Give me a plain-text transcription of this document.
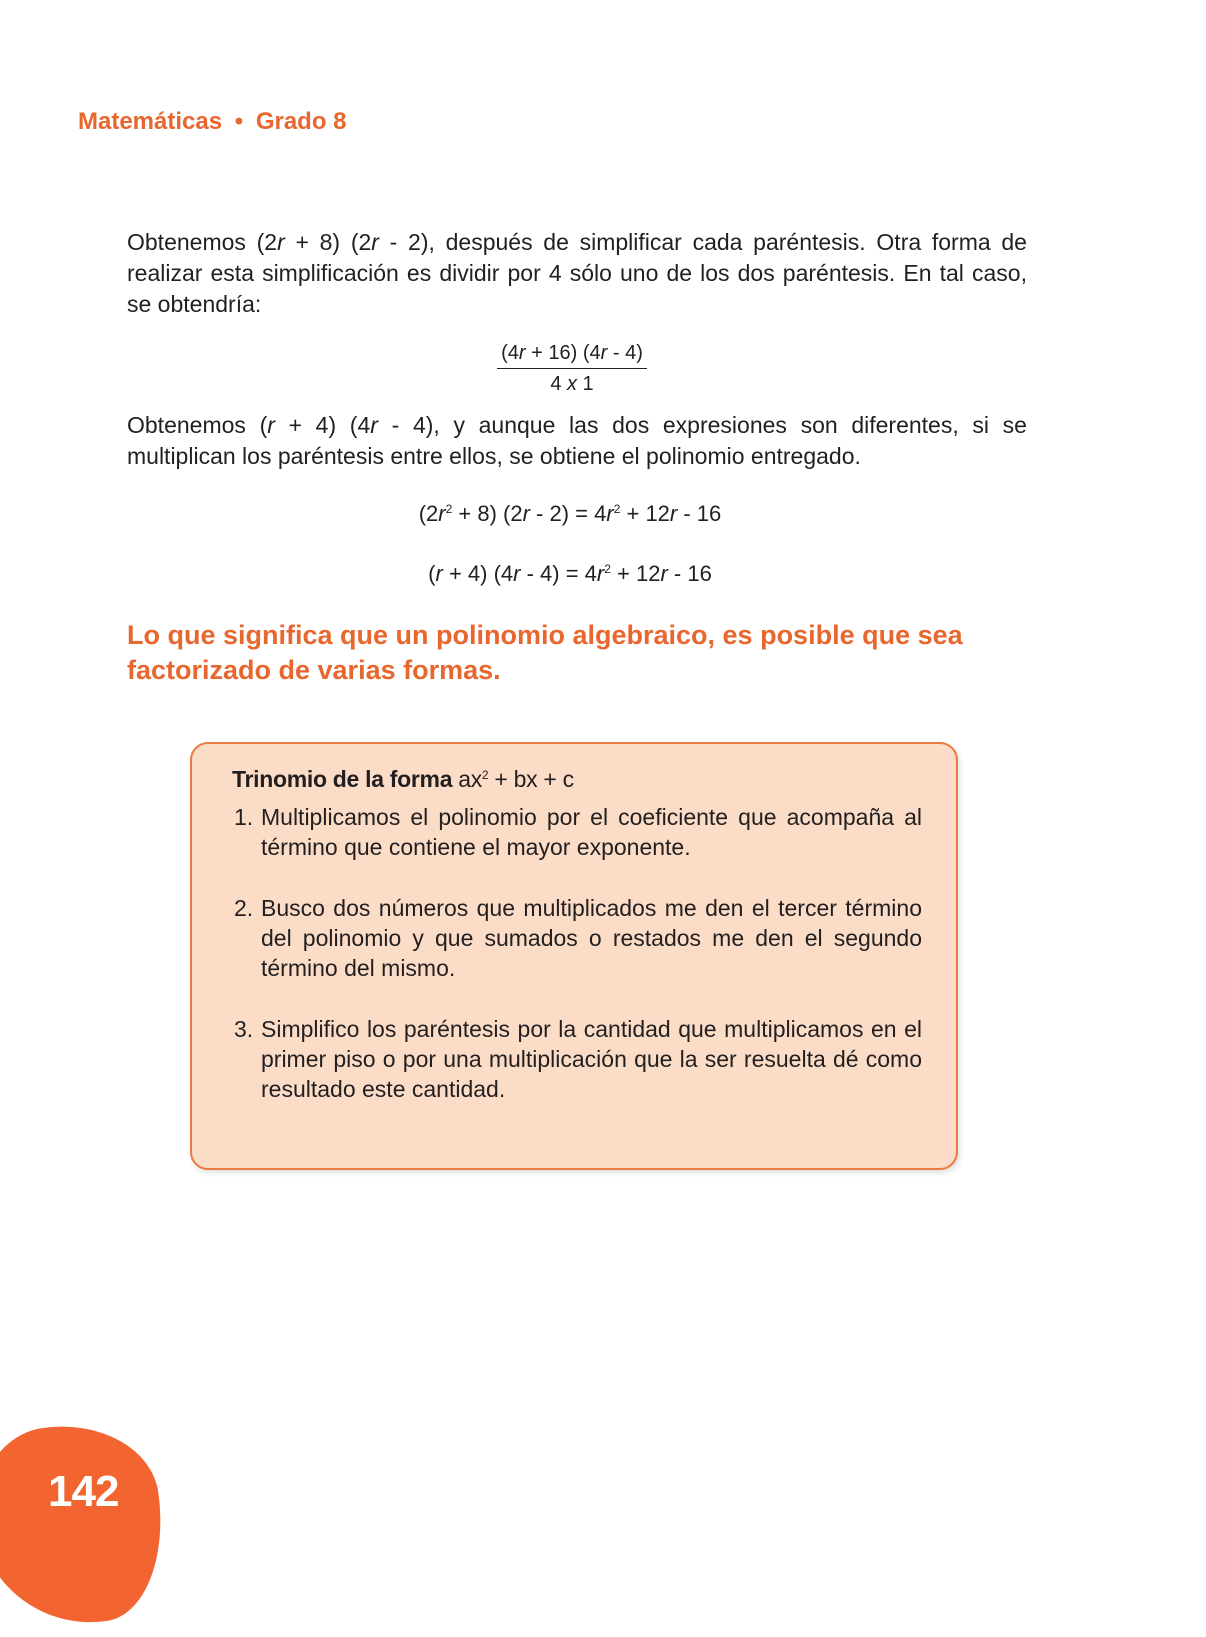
Matemáticas • Grado 8

Obtenemos (2r + 8) (2r - 2), después de simplificar cada paréntesis. Otra forma de realizar esta simplificación es dividir por 4 sólo uno de los dos paréntesis. En tal caso, se obtendría:

$\frac{(4r + 16) (4r - 4)}{4 x 1}$

Obtenemos (r + 4) (4r - 4), y aunque las dos expresiones son diferentes, si se multiplican los paréntesis entre ellos, se obtiene el polinomio entregado.

$(2r^2 + 8)$ $(2r - 2) = 4r^2 + 12r - 16$
(r + 4) $(4r - 4) = 4r^2 + 12r - 16$
Lo que significa que un polinomio algebraico, es posible que sea factorizado de varias formas.
Trinomio de la forma $ax^2$ + bx + c
1. Multiplicamos el polinomio por el coeficiente que acompaña al término que contiene el mayor exponente.
2. Busco dos números que multiplicados me den el tercer término del polinomio y que sumados o restados me den el segundo término del mismo.
3. Simplifico los paréntesis por la cantidad que multiplicamos en el primer piso o por una multiplicación que la ser resuelta dé como resultado este cantidad.
142
